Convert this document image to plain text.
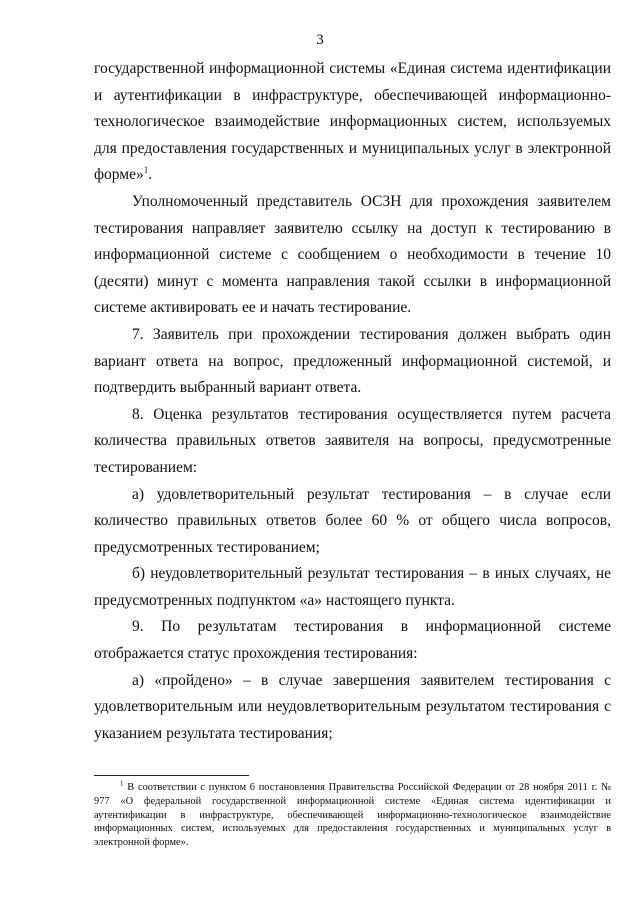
3

государственной информационной системы «Единая система идентификации и аутентификации в инфраструктуре, обеспечивающей информационно-технологическое взаимодействие информационных систем, используемых для предоставления государственных и муниципальных услуг в электронной форме»$^1$.

Уполномоченный представитель ОСЗН для прохождения заявителем тестирования направляет заявителю ссылку на доступ к тестированию в информационной системе с сообщением о необходимости в течение 10 (десяти) минут с момента направления такой ссылки в информационной системе активировать ее и начать тестирование.

7. Заявитель при прохождении тестирования должен выбрать один вариант ответа на вопрос, предложенный информационной системой, и подтвердить выбранный вариант ответа.

8. Оценка результатов тестирования осуществляется путем расчета количества правильных ответов заявителя на вопросы, предусмотренные тестированием:

а) удовлетворительный результат тестирования – в случае если количество правильных ответов более 60 % от общего числа вопросов, предусмотренных тестированием;

б) неудовлетворительный результат тестирования – в иных случаях, не предусмотренных подпунктом «а» настоящего пункта.

9. По результатам тестирования в информационной системе отображается статус прохождения тестирования:

а) «пройдено» – в случае завершения заявителем тестирования с удовлетворительным или неудовлетворительным результатом тестирования с указанием результата тестирования;

$^1$ В соответствии с пунктом 6 постановления Правительства Российской Федерации от 28 ноября 2011 г. № 977 «О федеральной государственной информационной системе «Единая система идентификации и аутентификации в инфраструктуре, обеспечивающей информационно-технологическое взаимодействие информационных систем, используемых для предоставления государственных и муниципальных услуг в электронной форме».
